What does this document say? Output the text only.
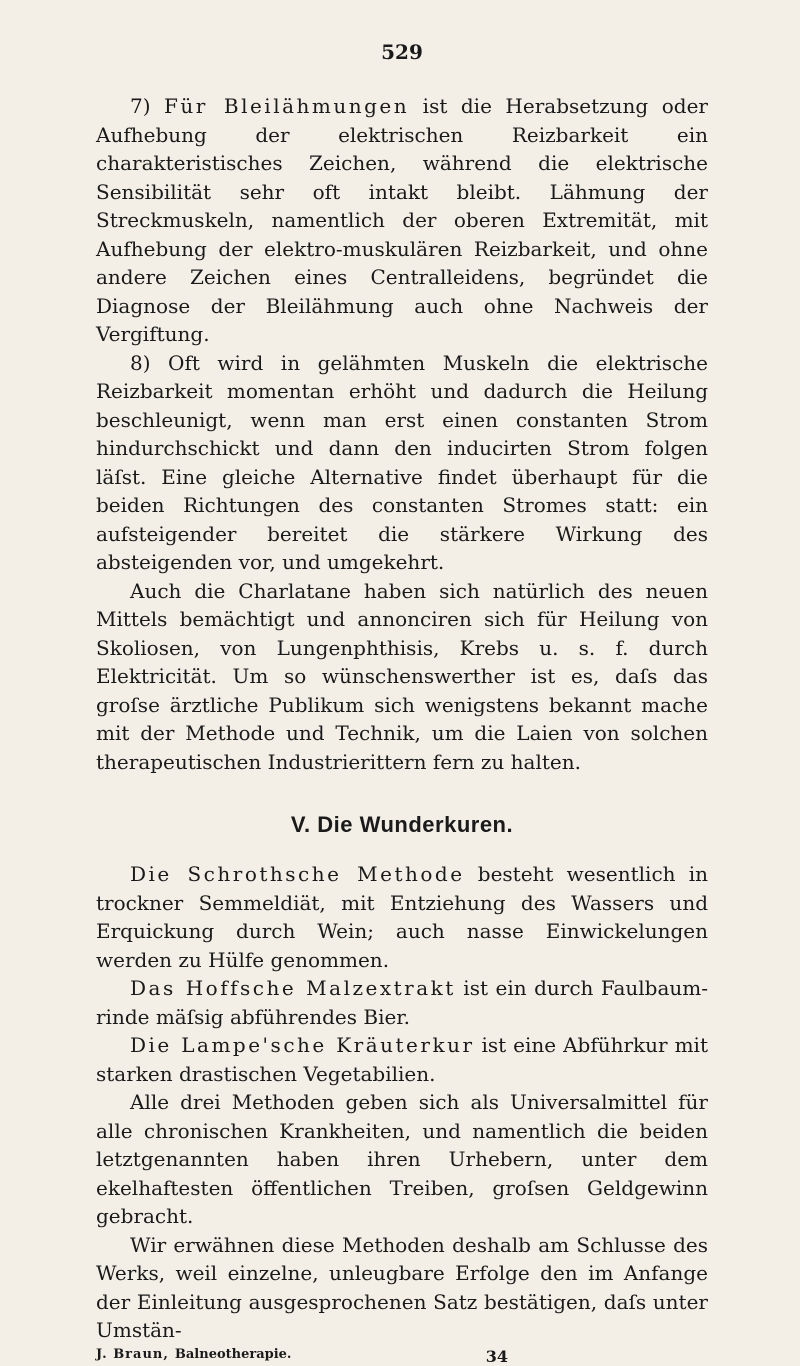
529

7) Für Bleilähmungen ist die Herabsetzung oder Aufhebung der elektrischen Reizbarkeit ein charakteristisches Zeichen, während die elektrische Sensibilität sehr oft intakt bleibt. Lähmung der Streckmuskeln, namentlich der oberen Extremität, mit Aufhebung der elektro-muskulären Reizbarkeit, und ohne andere Zeichen eines Centralleidens, begründet die Diagnose der Bleilähmung auch ohne Nachweis der Vergiftung.

8) Oft wird in gelähmten Muskeln die elektrische Reizbarkeit momentan erhöht und dadurch die Heilung beschleunigt, wenn man erst einen constanten Strom hindurchschickt und dann den inducirten Strom folgen läſst. Eine gleiche Alternative findet überhaupt für die beiden Richtungen des constanten Stromes statt: ein aufsteigender bereitet die stärkere Wirkung des absteigenden vor, und umgekehrt.

Auch die Charlatane haben sich natürlich des neuen Mittels bemächtigt und annonciren sich für Heilung von Skoliosen, von Lungenphthisis, Krebs u. s. f. durch Elektricität. Um so wünschenswerther ist es, daſs das groſse ärztliche Publikum sich wenigstens bekannt mache mit der Methode und Technik, um die Laien von solchen therapeutischen Industrierittern fern zu halten.

V. Die Wunderkuren.

Die Schrothsche Methode besteht wesentlich in trockner Semmeldiät, mit Entziehung des Wassers und Erquickung durch Wein; auch nasse Einwickelungen werden zu Hülfe genommen.

Das Hoffsche Malzextrakt ist ein durch Faulbaumrinde mäſsig abführendes Bier.

Die Lampe'sche Kräuterkur ist eine Abführkur mit starken drastischen Vegetabilien.

Alle drei Methoden geben sich als Universalmittel für alle chronischen Krankheiten, und namentlich die beiden letztgenannten haben ihren Urhebern, unter dem ekelhaftesten öffentlichen Treiben, groſsen Geldgewinn gebracht.

Wir erwähnen diese Methoden deshalb am Schlusse des Werks, weil einzelne, unleugbare Erfolge den im Anfange der Einleitung ausgesprochenen Satz bestätigen, daſs unter Umstän-

J. Braun, Balneotherapie.	34
